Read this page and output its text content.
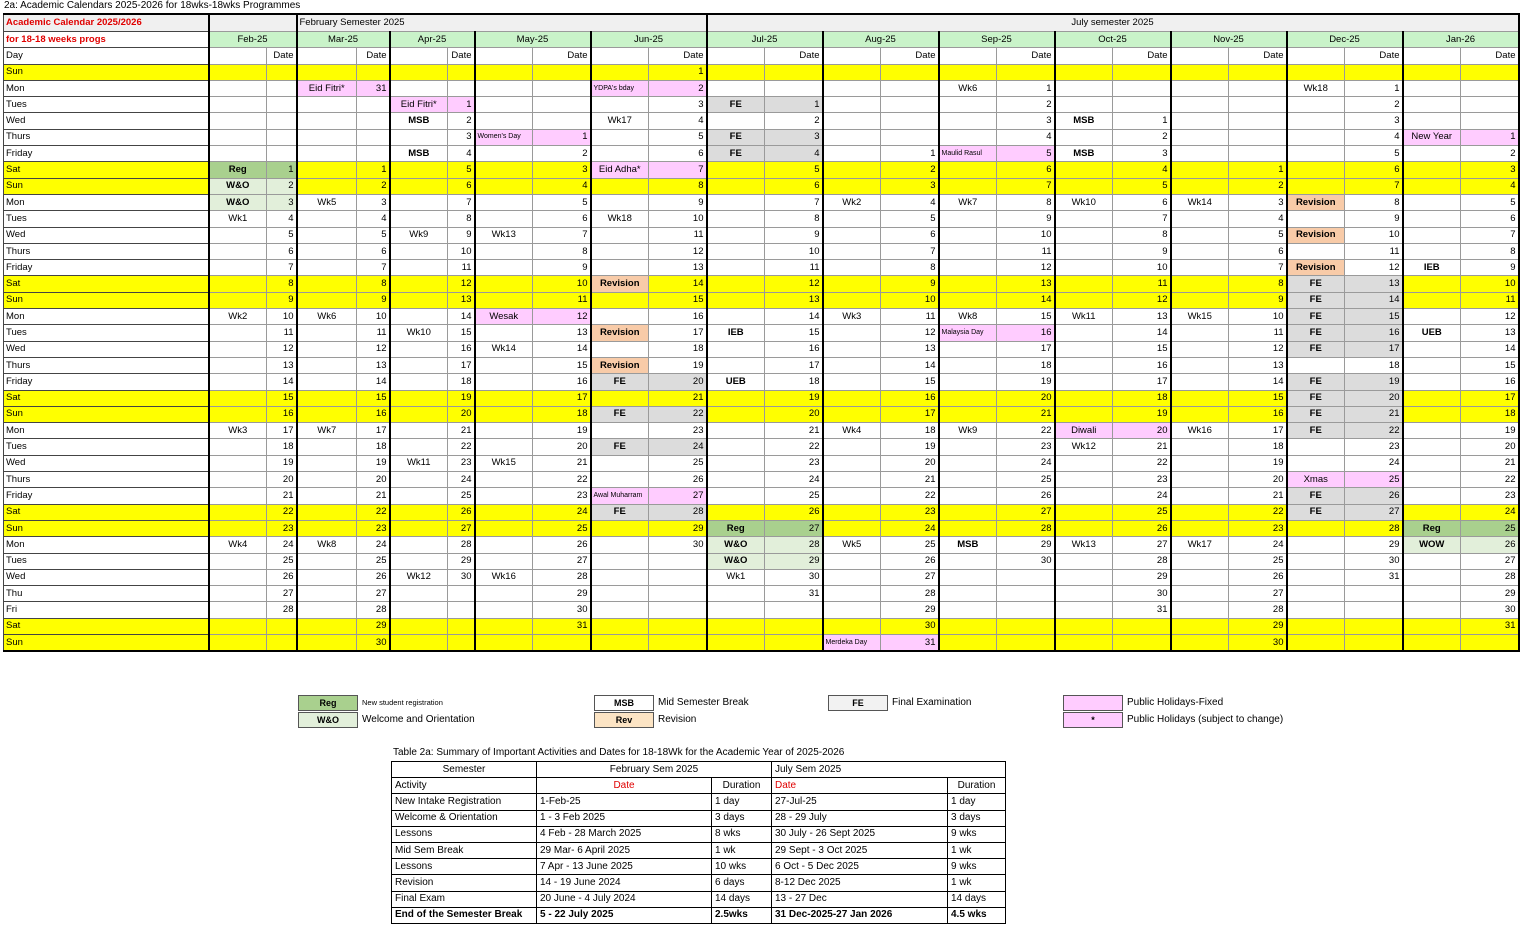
2a: Academic Calendars 2025-2026 for 18wks-18wks Programmes
Academic Calendar 2025/2026			February Semester 2025								July semester 2025													
for 18-18 weeks progs	Feb-25		Mar-25		Apr-25		May-25		Jun-25		Jul-25		Aug-25		Sep-25		Oct-25		Nov-25		Dec-25		Jan-26	
Day		Date		Date		Date		Date		Date		Date		Date		Date		Date		Date		Date		Date
Sun										1														
Mon			Eid Fitri*	31					YDPA's bday	2					Wk6	1					Wk18	1		
Tues					Eid Fitri*	1				3	FE	1				2						2		
Wed					MSB	2			Wk17	4		2				3	MSB	1				3		
Thurs						3	Women's Day	1		5	FE	3				4		2				4	New Year	1
Friday					MSB	4		2		6	FE	4		1	Maulid Rasul	5	MSB	3				5		2
Sat	Reg	1		1		5		3	Eid Adha*	7		5		2		6		4		1		6		3
Sun	W&O	2		2		6		4		8		6		3		7		5		2		7		4
Mon	W&O	3	Wk5	3		7		5		9		7	Wk2	4	Wk7	8	Wk10	6	Wk14	3	Revision	8		5
Tues	Wk1	4		4		8		6	Wk18	10		8		5		9		7		4		9		6
Wed		5		5	Wk9	9	Wk13	7		11		9		6		10		8		5	Revision	10		7
Thurs		6		6		10		8		12		10		7		11		9		6		11		8
Friday		7		7		11		9		13		11		8		12		10		7	Revision	12	IEB	9
Sat		8		8		12		10	Revision	14		12		9		13		11		8	FE	13		10
Sun		9		9		13		11		15		13		10		14		12		9	FE	14		11
Mon	Wk2	10	Wk6	10		14	Wesak	12		16		14	Wk3	11	Wk8	15	Wk11	13	Wk15	10	FE	15		12
Tues		11		11	Wk10	15		13	Revision	17	IEB	15		12	Malaysia Day	16		14		11	FE	16	UEB	13
Wed		12		12		16	Wk14	14		18		16		13		17		15		12	FE	17		14
Thurs		13		13		17		15	Revision	19		17		14		18		16		13		18		15
Friday		14		14		18		16	FE	20	UEB	18		15		19		17		14	FE	19		16
Sat		15		15		19		17		21		19		16		20		18		15	FE	20		17
Sun		16		16		20		18	FE	22		20		17		21		19		16	FE	21		18
Mon	Wk3	17	Wk7	17		21		19		23		21	Wk4	18	Wk9	22	Diwali	20	Wk16	17	FE	22		19
Tues		18		18		22		20	FE	24		22		19		23	Wk12	21		18		23		20
Wed		19		19	Wk11	23	Wk15	21		25		23		20		24		22		19		24		21
Thurs		20		20		24		22		26		24		21		25		23		20	Xmas	25		22
Friday		21		21		25		23	Awal Muharram	27		25		22		26		24		21	FE	26		23
Sat		22		22		26		24	FE	28		26		23		27		25		22	FE	27		24
Sun		23		23		27		25		29	Reg	27		24		28		26		23		28	Reg	25
Mon	Wk4	24	Wk8	24		28		26		30	W&O	28	Wk5	25	MSB	29	Wk13	27	Wk17	24		29	WOW	26
Tues		25		25		29		27			W&O	29		26		30		28		25		30		27
Wed		26		26	Wk12	30	Wk16	28			Wk1	30		27				29		26		31		28
Thu		27		27				29				31		28				30		27				29
Fri		28		28				30						29				31		28				30
Sat				29				31						30						29				31
Sun				30									Merdeka Day	31						30				
Reg	New student registration
W&O	Welcome and Orientation
MSB	Mid Semester Break
Rev	Revision
FE	Final Examination	Public Holidays-Fixed
*	Public Holidays (subject to change)
Table 2a: Summary of Important Activities and Dates for 18-18Wk for the Academic Year of 2025-2026
Semester	February Sem 2025		July Sem 2025	
Activity	Date	Duration	Date	Duration
New Intake Registration	1-Feb-25	1 day	27-Jul-25	1 day
Welcome & Orientation	1 - 3 Feb 2025	3 days	28 - 29 July	3 days
Lessons	4 Feb - 28 March 2025	8 wks	30 July - 26 Sept 2025	9 wks
Mid Sem Break	29 Mar- 6 April 2025	1 wk	29 Sept - 3 Oct 2025	1 wk
Lessons	7 Apr - 13 June 2025	10 wks	6 Oct - 5 Dec 2025	9 wks
Revision	14 - 19 June 2024	6 days	8-12 Dec 2025	1 wk
Final Exam	20 June - 4 July 2024	14 days	13 - 27 Dec	14 days
End of the Semester Break	5 - 22 July 2025	2.5wks	31 Dec-2025-27 Jan 2026	4.5 wks
